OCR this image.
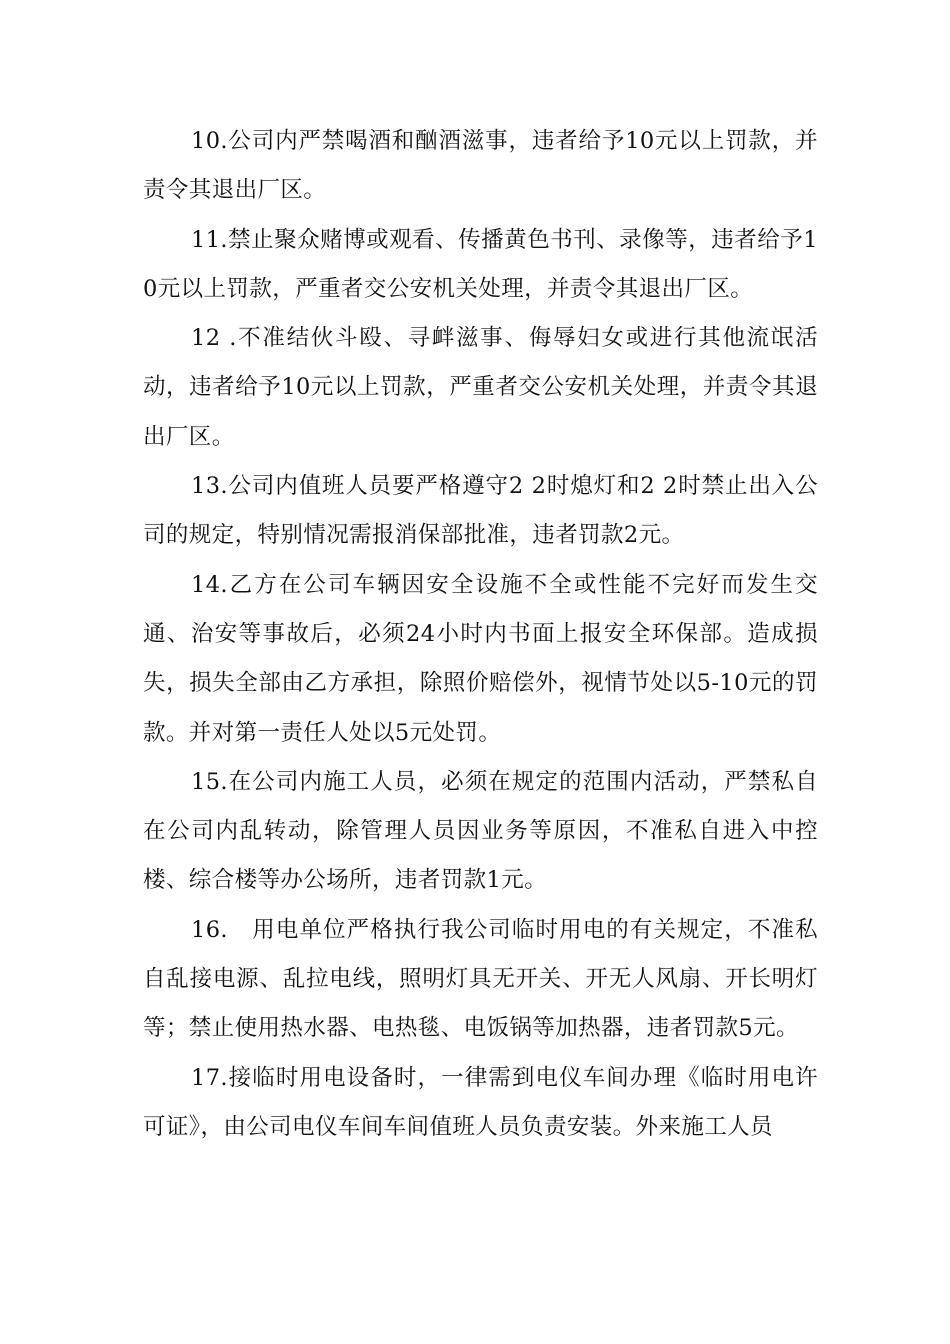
10.公司内严禁喝酒和酗酒滋事，违者给予10元以上罚款，并责令其退出厂区。

11.禁止聚众赌博或观看、传播黄色书刊、录像等，违者给予10元以上罚款，严重者交公安机关处理，并责令其退出厂区。

12 .不准结伙斗殴、寻衅滋事、侮辱妇女或进行其他流氓活动，违者给予10元以上罚款，严重者交公安机关处理，并责令其退出厂区。

13.公司内值班人员要严格遵守2 2时熄灯和2 2时禁止出入公司的规定，特别情况需报消保部批准，违者罚款2元。

14.乙方在公司车辆因安全设施不全或性能不完好而发生交通、治安等事故后，必须24小时内书面上报安全环保部。造成损失，损失全部由乙方承担，除照价赔偿外，视情节处以5-10元的罚款。并对第一责任人处以5元处罚。

15.在公司内施工人员，必须在规定的范围内活动，严禁私自在公司内乱转动，除管理人员因业务等原因，不准私自进入中控楼、综合楼等办公场所，违者罚款1元。

16.　用电单位严格执行我公司临时用电的有关规定，不准私自乱接电源、乱拉电线，照明灯具无开关、开无人风扇、开长明灯等；禁止使用热水器、电热毯、电饭锅等加热器，违者罚款5元。

17.接临时用电设备时，一律需到电仪车间办理《临时用电许可证》，由公司电仪车间车间值班人员负责安装。外来施工人员
